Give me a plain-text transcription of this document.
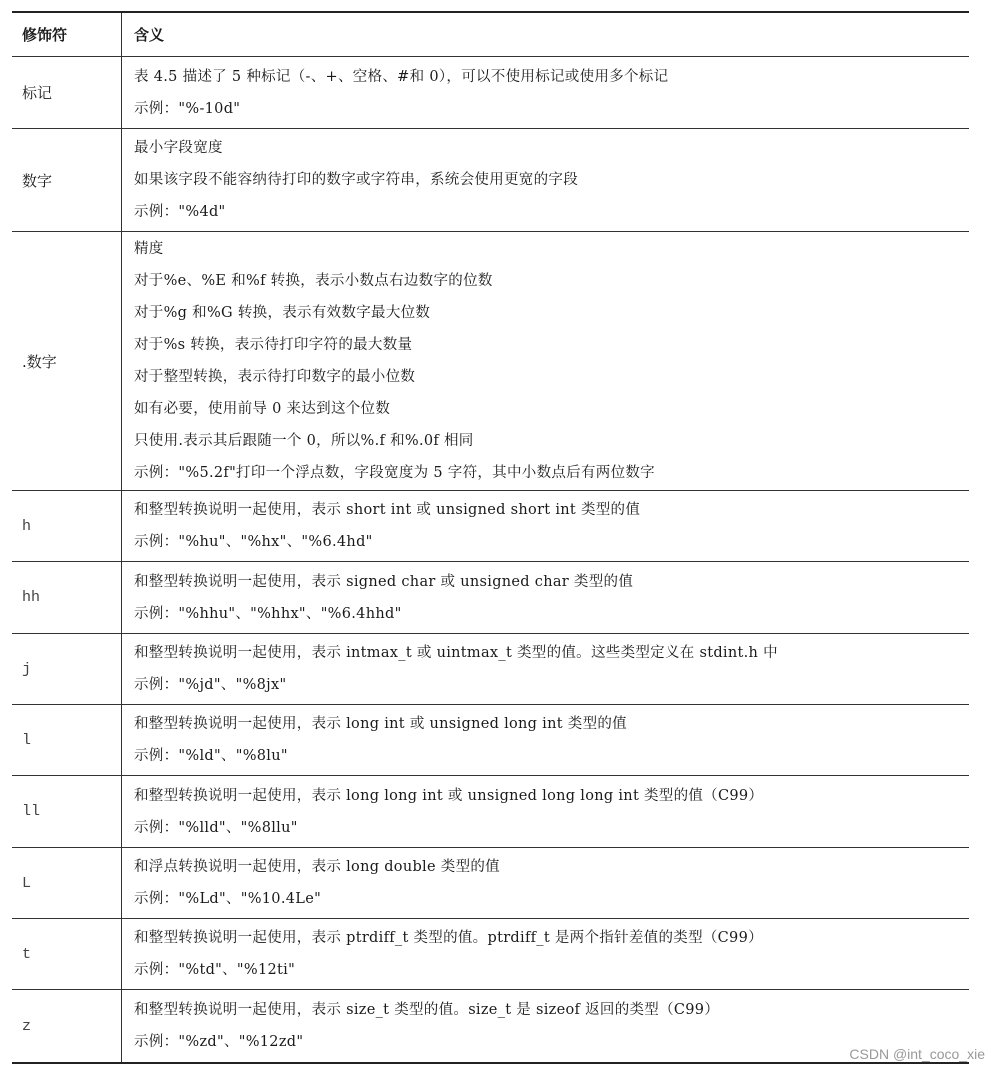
修饰符	含义
标记
表 4.5 描述了 5 种标记（-、+、空格、#和 0），可以不使用标记或使用多个标记
示例："%-10d"
数字
最小字段宽度
如果该字段不能容纳待打印的数字或字符串，系统会使用更宽的字段
示例："%4d"
.数字
精度
对于%e、%E 和%f 转换，表示小数点右边数字的位数
对于%g 和%G 转换，表示有效数字最大位数
对于%s 转换，表示待打印字符的最大数量
对于整型转换，表示待打印数字的最小位数
如有必要，使用前导 0 来达到这个位数
只使用.表示其后跟随一个 0，所以%.f 和%.0f 相同
示例："%5.2f"打印一个浮点数，字段宽度为 5 字符，其中小数点后有两位数字
h
和整型转换说明一起使用，表示 short int 或 unsigned short int 类型的值
示例："%hu"、"%hx"、"%6.4hd"
hh
和整型转换说明一起使用，表示 signed char 或 unsigned char 类型的值
示例："%hhu"、"%hhx"、"%6.4hhd"
j
和整型转换说明一起使用，表示 intmax_t 或 uintmax_t 类型的值。这些类型定义在 stdint.h 中
示例："%jd"、"%8jx"
l
和整型转换说明一起使用，表示 long int 或 unsigned long int 类型的值
示例："%ld"、"%8lu"
ll
和整型转换说明一起使用，表示 long long int 或 unsigned long long int 类型的值（C99）
示例："%lld"、"%8llu"
L
和浮点转换说明一起使用，表示 long double 类型的值
示例："%Ld"、"%10.4Le"
t
和整型转换说明一起使用，表示 ptrdiff_t 类型的值。ptrdiff_t 是两个指针差值的类型（C99）
示例："%td"、"%12ti"
z
和整型转换说明一起使用，表示 size_t 类型的值。size_t 是 sizeof 返回的类型（C99）
示例："%zd"、"%12zd"
CSDN @int_coco_xie
